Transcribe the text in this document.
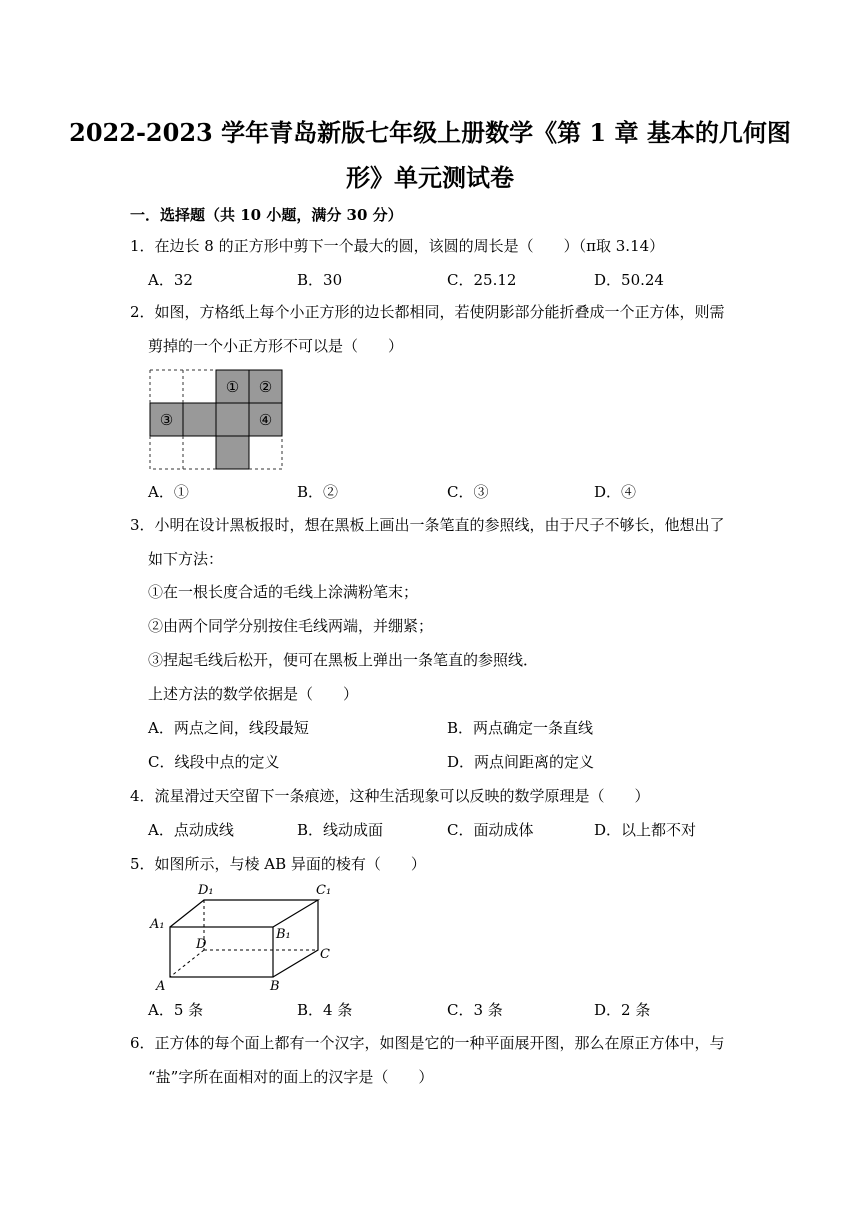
2022-2023 学年青岛新版七年级上册数学《第 1 章 基本的几何图
形》单元测试卷
一．选择题（共 10 小题，满分 30 分）
1．在边长 8 的正方形中剪下一个最大的圆，该圆的周长是（　　）（π取 3.14）
A．32	B．30	C．25.12	D．50.24
2．如图，方格纸上每个小正方形的边长都相同，若使阴影部分能折叠成一个正方体，则需
剪掉的一个小正方形不可以是（　　）
① ②
③	④
A．①	B．②	C．③	D．④
3．小明在设计黑板报时，想在黑板上画出一条笔直的参照线，由于尺子不够长，他想出了
如下方法：
①在一根长度合适的毛线上涂满粉笔末；
②由两个同学分别按住毛线两端，并绷紧；
③捏起毛线后松开，便可在黑板上弹出一条笔直的参照线．
上述方法的数学依据是（　　）
A．两点之间，线段最短	B．两点确定一条直线
C．线段中点的定义	D．两点间距离的定义
4．流星滑过天空留下一条痕迹，这种生活现象可以反映的数学原理是（　　）
A．点动成线	B．线动成面	C．面动成体	D．以上都不对
5．如图所示，与棱 AB 异面的棱有（　　）
D₁	C₁
A₁
B₁
D
C
A	B
A．5 条	B．4 条	C．3 条	D．2 条
6．正方体的每个面上都有一个汉字，如图是它的一种平面展开图，那么在原正方体中，与
“盐”字所在面相对的面上的汉字是（　　）
